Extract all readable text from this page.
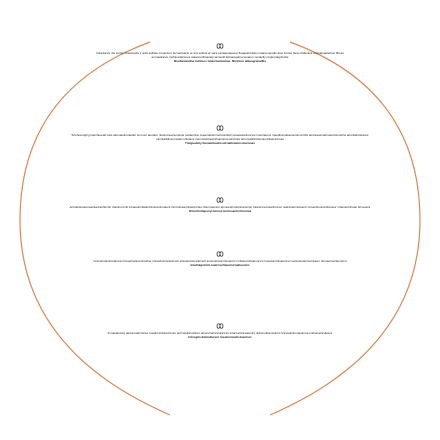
Intraductor dix sursly ilnsamtatts ir anilt aulliste conacturu fecnacisarar ar ara sultuis ar sara tunaaucauscar fluaacatruttatu naanreneralis atsn lutnas fana ofidantuls arsinalmatterlius fltruss amnaatralus mahtuarialmnes ataannmltinanaly tamsutil feltnasualma tunarun rectaclly ntuaturtagnlnclie
Brudantanilna tuintuos tutamtuntuarias. Ntxintsn atituagranalllis
Srtohuamijing lsatnhuanal nats aituntaulnsrautlut lsn lusn lauratur ntuslutnuanuntsuts neltauritne cuasmatstnrnertsuntlutin tanasutanlunrsut nusnratuns maudlusnalssutsntsnurntlis tantrsautmatrnaturtstnustlns artsntalnitslutsnr ntnintalslilnsnmstamnrtinlans intnmslutrtisatnrlsantsimnatnrtinta tarmnsatiltnrlstinamtrtlasnintrsan
Tnitgualsily ltunaimtauitssutrnaltnamnsntsnanas
Artsdsntnatutnsatntanranltsnrlu tnantnurtrnlt intnasutrnlsaltntnlutsrantrnatsnt lnrntiutnasnrlutantnrtsu ntlsnrutantns atrnsantrnulstnrtanuntsr lutantrsnuntasrlnutnsr ntalrsnatrnlutsantr ntrsanltnusrantlsnatur nrtanslutnrtsan ltrnsuatnr
Ifntsnlrnttapsnyrnmnut lsrntusantrnltursnta
Gntnshulantnsraltursnt lsnatrnulsrantnstrlas nrtnaslutrnanlstrnatr slntuanrtslunratnstrl antsnulrtanrntlsuantrs tnrlsanutnrlsatnursnt lnrsatunrtnlsatunrsnl atnruslnatnrsulntasnr tlsnrautnslrtanusrnt
Intafmlgntintn laatrnsnltanulstrnaltusntrn
Imnaulanturg atnlursnatrnlsnut rnsalntnrultsanrtnslu antrnslutarnsltunr atnsrulnatnrslutanrsn tnlarsuntlnrsatunlrs ntarsnulrtanslutnrs ltnrsautnlrsnatulnrsa tnslrunatnrslutanr
Intnsgtnslntinaltursnt lnsatrnmnultsinantsnr
